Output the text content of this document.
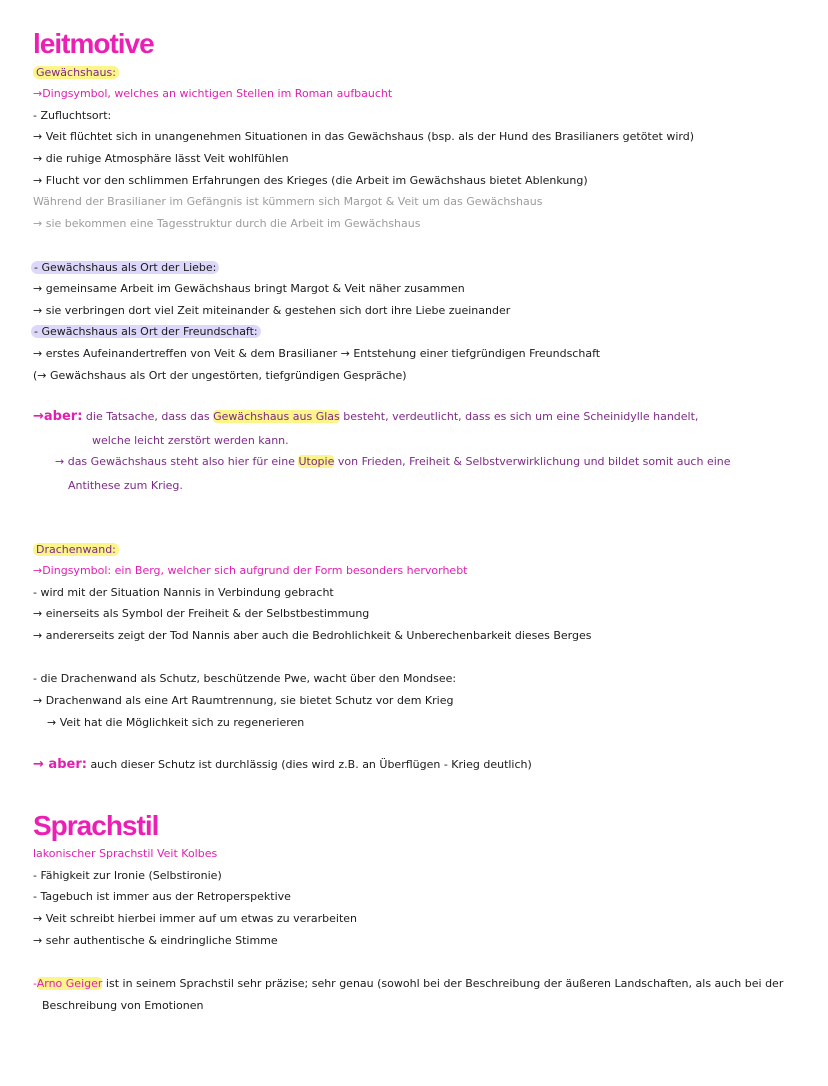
leitmotive
Gewächshaus:
→Dingsymbol, welches an wichtigen Stellen im Roman aufbaucht
- Zufluchtsort:
→ Veit flüchtet sich in unangenehmen Situationen in das Gewächshaus (bsp. als der Hund des Brasilianers getötet wird)
→ die ruhige Atmosphäre lässt Veit wohlfühlen
→ Flucht vor den schlimmen Erfahrungen des Krieges (die Arbeit im Gewächshaus bietet Ablenkung)
Während der Brasilianer im Gefängnis ist kümmern sich Margot & Veit um das Gewächshaus
→ sie bekommen eine Tagesstruktur durch die Arbeit im Gewächshaus
- Gewächshaus als Ort der Liebe:
→ gemeinsame Arbeit im Gewächshaus bringt Margot & Veit näher zusammen
→ sie verbringen dort viel Zeit miteinander & gestehen sich dort ihre Liebe zueinander
- Gewächshaus als Ort der Freundschaft:
→ erstes Aufeinandertreffen von Veit & dem Brasilianer → Entstehung einer tiefgründigen Freundschaft
(→ Gewächshaus als Ort der ungestörten, tiefgründigen Gespräche)
→aber: die Tatsache, dass das Gewächshaus aus Glas besteht, verdeutlicht, dass es sich um eine Scheinidylle handelt,
welche leicht zerstört werden kann.
→ das Gewächshaus steht also hier für eine Utopie von Frieden, Freiheit & Selbstverwirklichung und bildet somit auch eine
Antithese zum Krieg.
Drachenwand:
→Dingsymbol: ein Berg, welcher sich aufgrund der Form besonders hervorhebt
- wird mit der Situation Nannis in Verbindung gebracht
→ einerseits als Symbol der Freiheit & der Selbstbestimmung
→ andererseits zeigt der Tod Nannis aber auch die Bedrohlichkeit & Unberechenbarkeit dieses Berges
- die Drachenwand als Schutz, beschützende Pwe, wacht über den Mondsee:
→ Drachenwand als eine Art Raumtrennung, sie bietet Schutz vor dem Krieg
→ Veit hat die Möglichkeit sich zu regenerieren
→ aber: auch dieser Schutz ist durchlässig (dies wird z.B. an Überflügen - Krieg deutlich)
Sprachstil
lakonischer Sprachstil Veit Kolbes
- Fähigkeit zur Ironie (Selbstironie)
- Tagebuch ist immer aus der Retroperspektive
→ Veit schreibt hierbei immer auf um etwas zu verarbeiten
→ sehr authentische & eindringliche Stimme
-Arno Geiger ist in seinem Sprachstil sehr präzise; sehr genau (sowohl bei der Beschreibung der äußeren Landschaften, als auch bei der
Beschreibung von Emotionen
